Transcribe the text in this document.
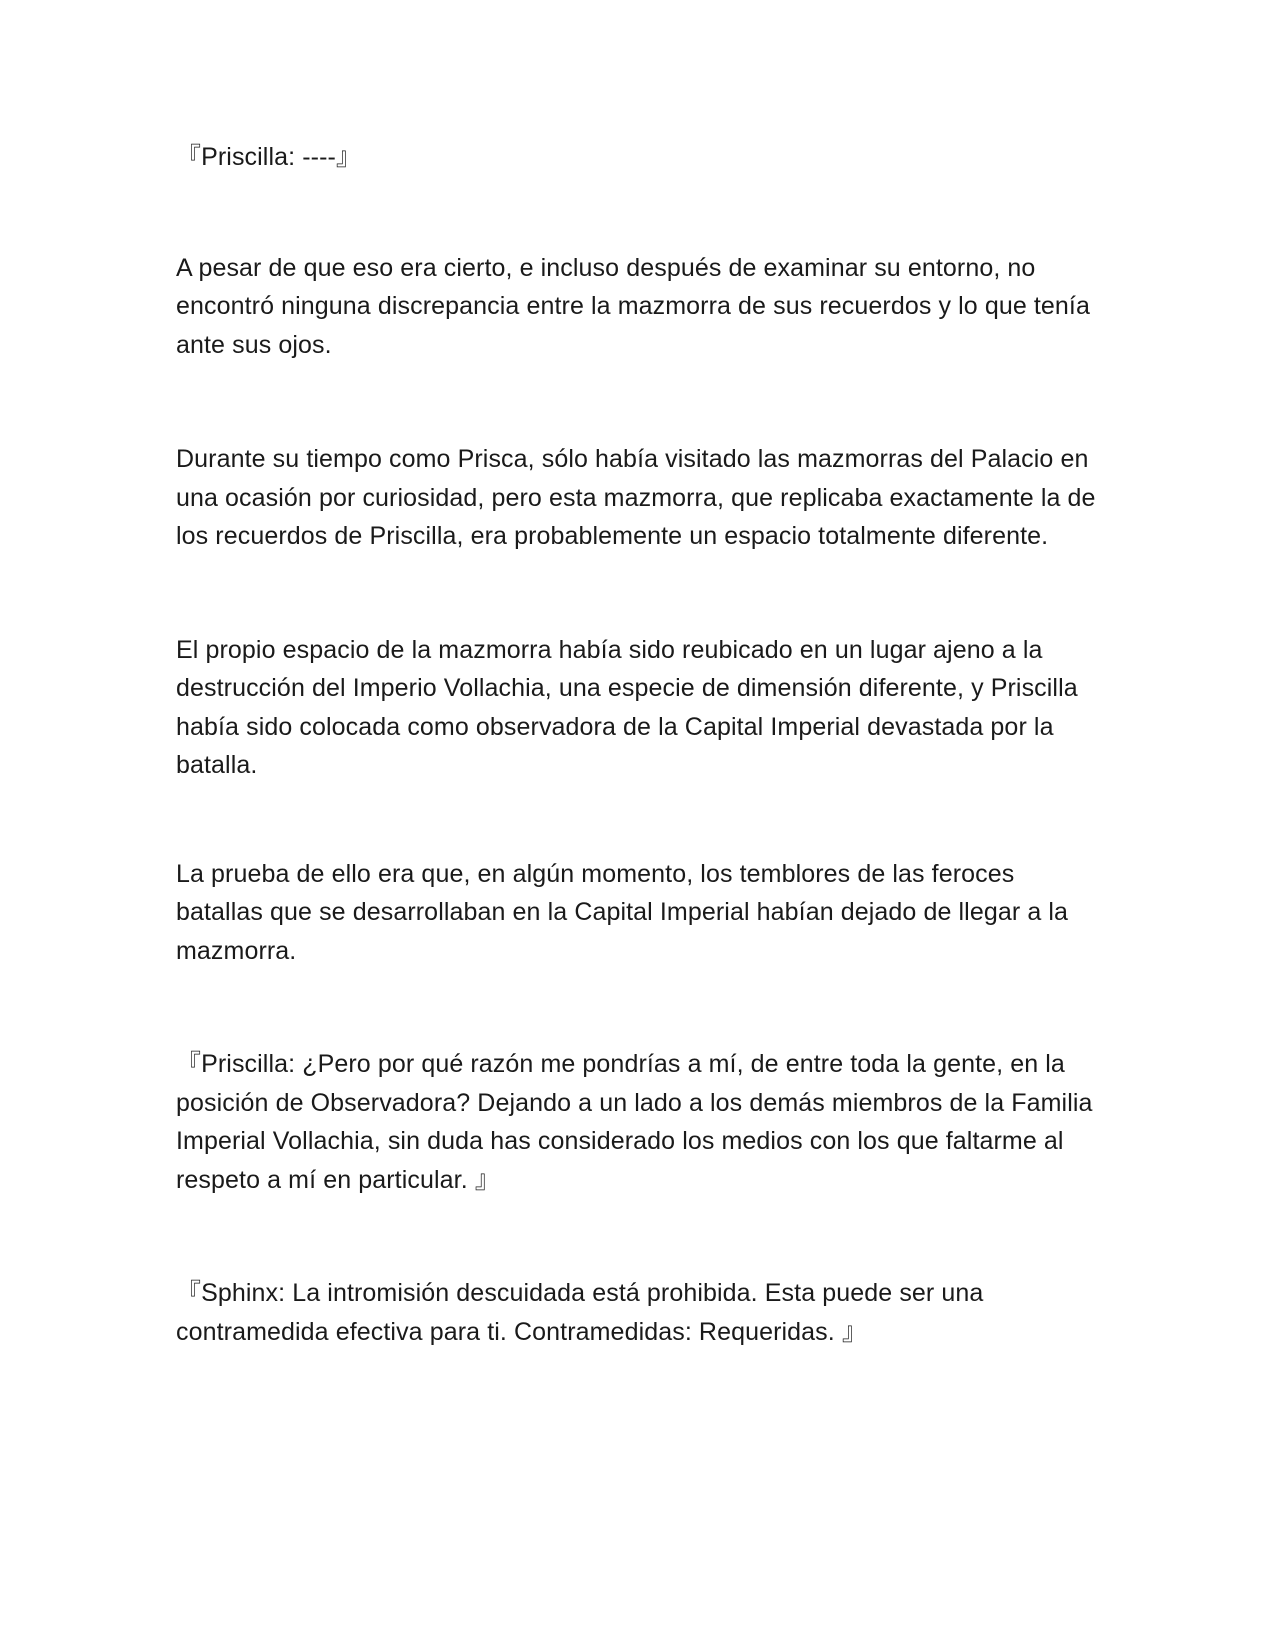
『Priscilla: ----』

A pesar de que eso era cierto, e incluso después de examinar su entorno, no encontró ninguna discrepancia entre la mazmorra de sus recuerdos y lo que tenía ante sus ojos.

Durante su tiempo como Prisca, sólo había visitado las mazmorras del Palacio en una ocasión por curiosidad, pero esta mazmorra, que replicaba exactamente la de los recuerdos de Priscilla, era probablemente un espacio totalmente diferente.

El propio espacio de la mazmorra había sido reubicado en un lugar ajeno a la destrucción del Imperio Vollachia, una especie de dimensión diferente, y Priscilla había sido colocada como observadora de la Capital Imperial devastada por la batalla.

La prueba de ello era que, en algún momento, los temblores de las feroces batallas que se desarrollaban en la Capital Imperial habían dejado de llegar a la mazmorra.

『Priscilla: ¿Pero por qué razón me pondrías a mí, de entre toda la gente, en la posición de Observadora? Dejando a un lado a los demás miembros de la Familia Imperial Vollachia, sin duda has considerado los medios con los que faltarme al respeto a mí en particular. 』

『Sphinx: La intromisión descuidada está prohibida. Esta puede ser una contramedida efectiva para ti. Contramedidas: Requeridas. 』
